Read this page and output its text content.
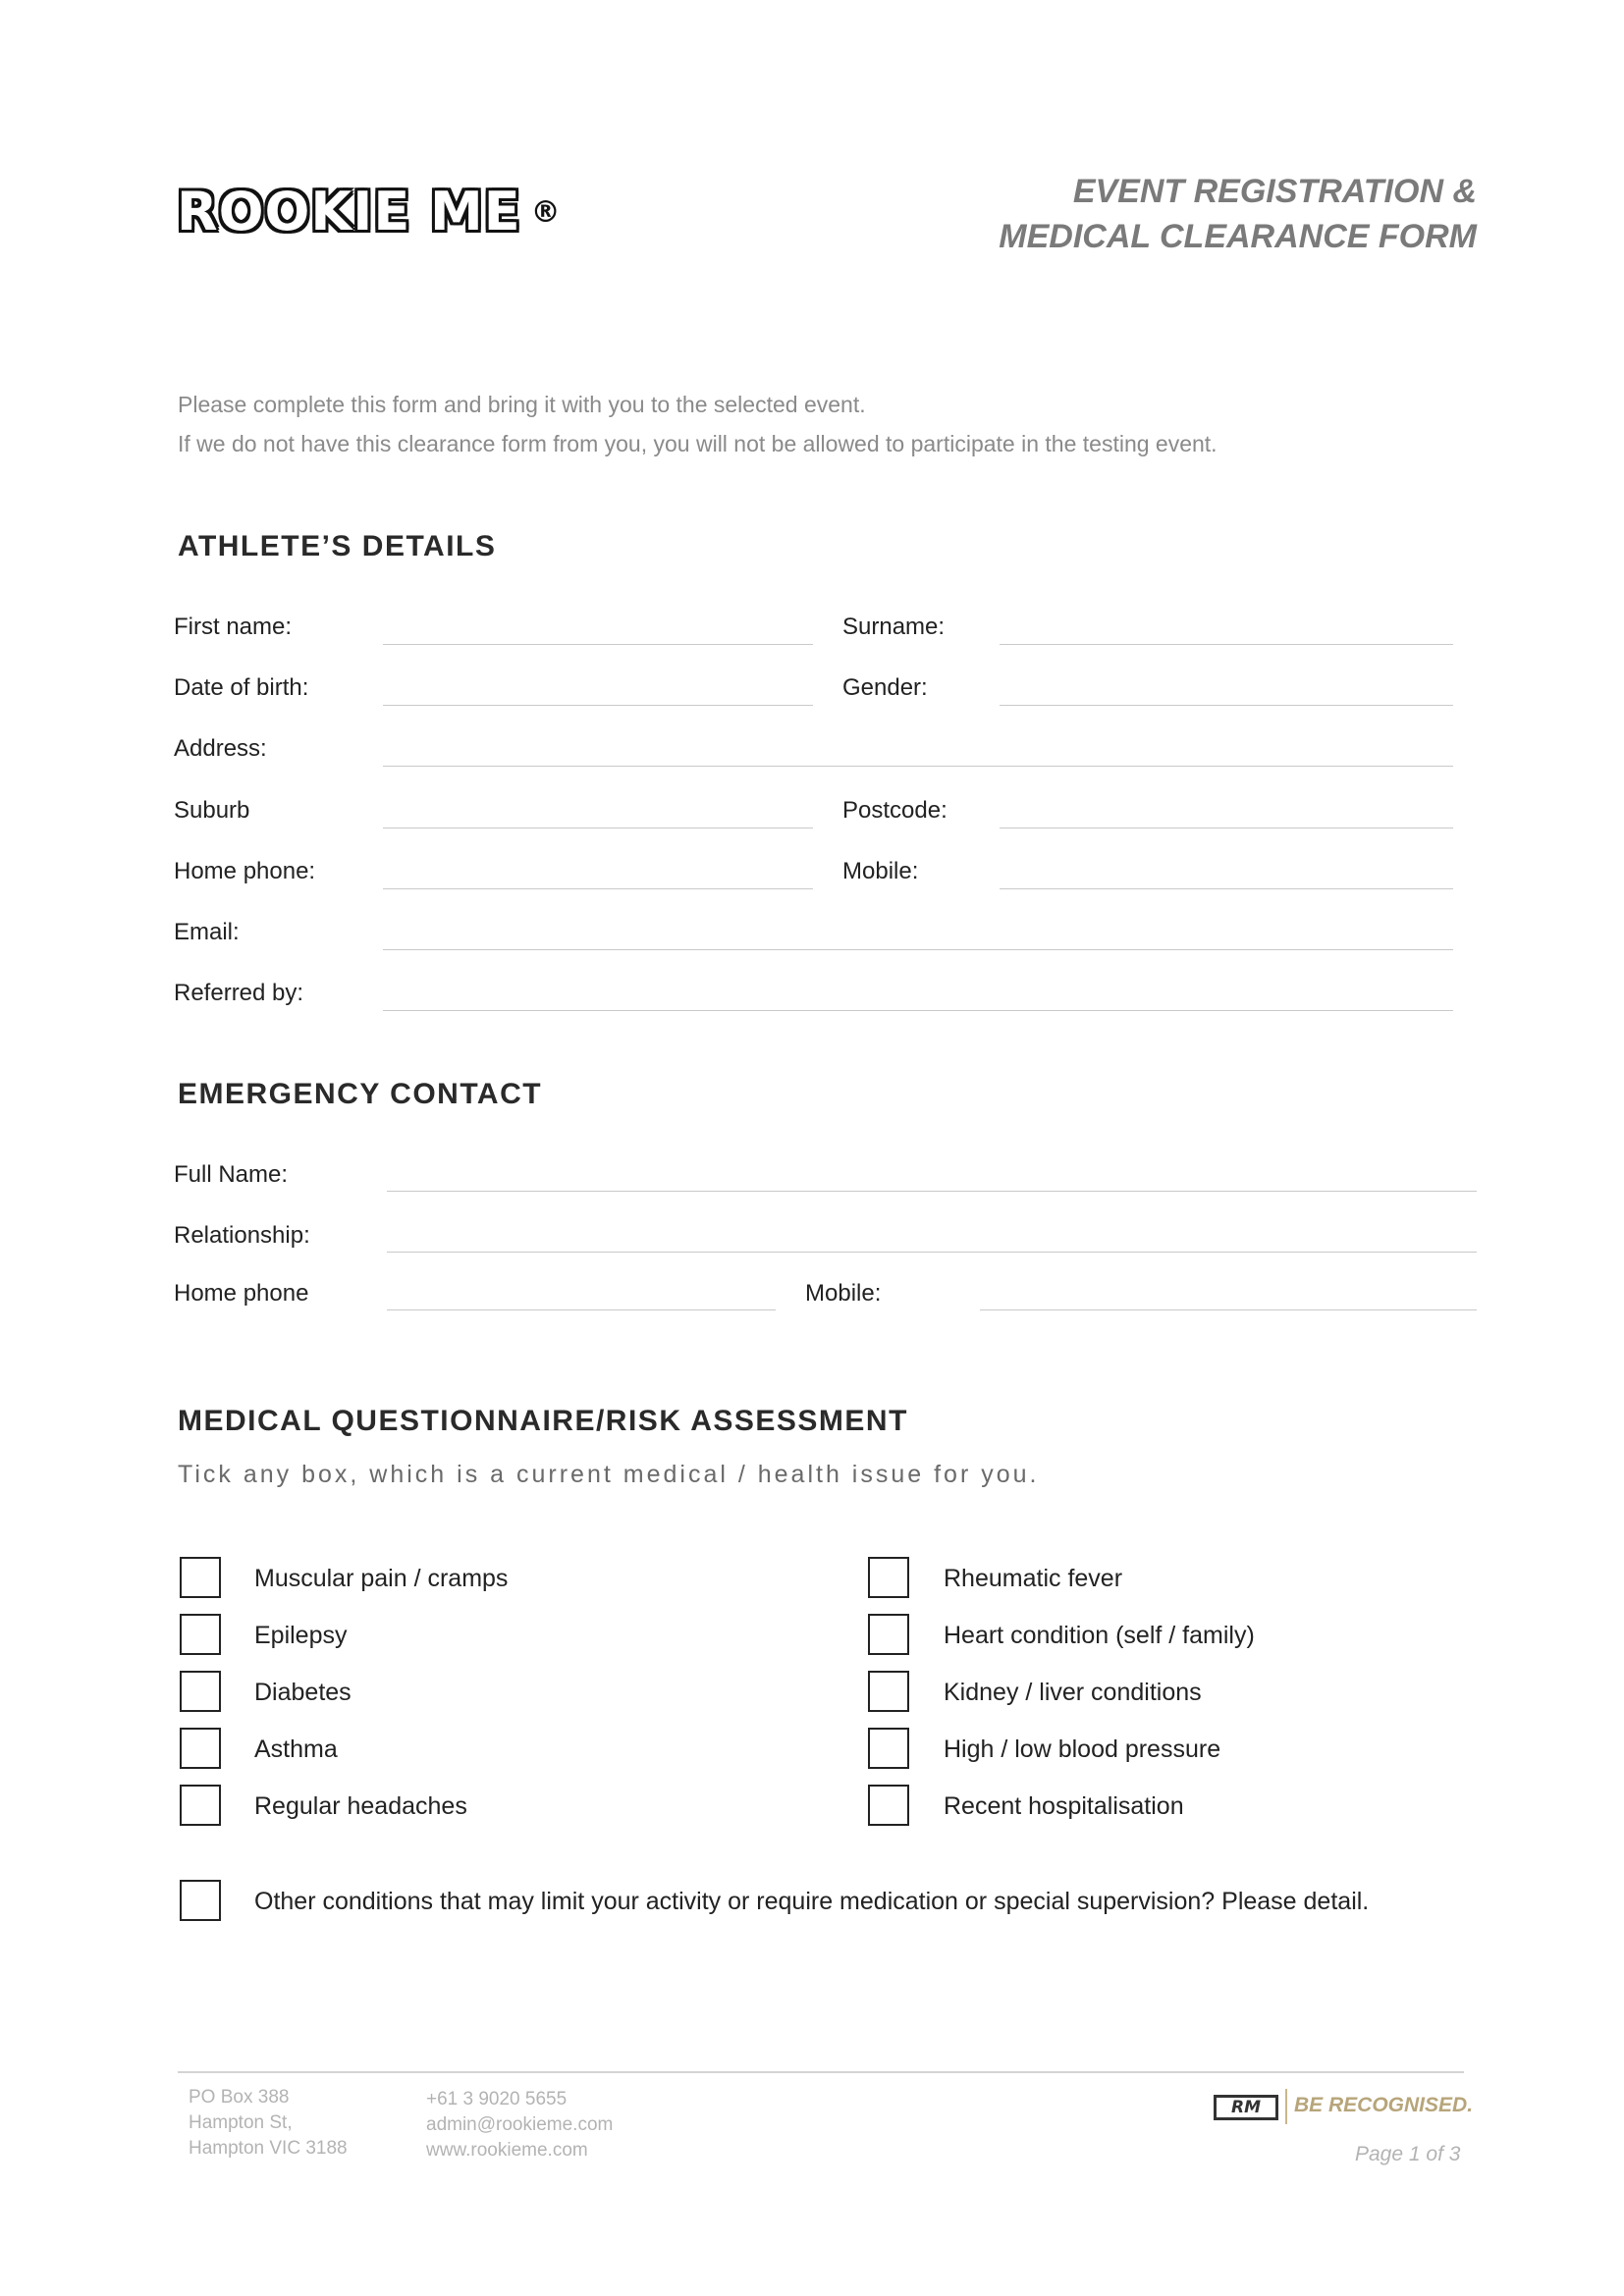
ROOKIE ME ®
EVENT REGISTRATION &
MEDICAL CLEARANCE FORM
Please complete this form and bring it with you to the selected event.
If we do not have this clearance form from you, you will not be allowed to participate in the testing event.
ATHLETE’S DETAILS
First name:	Surname:
Date of birth:	Gender:
Address:
Suburb	Postcode:
Home phone:	Mobile:
Email:
Referred by:
EMERGENCY CONTACT
Full Name:
Relationship:
Home phone	Mobile:
MEDICAL QUESTIONNAIRE/RISK ASSESSMENT
Tick any box, which is a current medical / health issue for you.
Muscular pain / cramps
Epilepsy
Diabetes
Asthma
Regular headaches
Rheumatic fever
Heart condition (self / family)
Kidney / liver conditions
High / low blood pressure
Recent hospitalisation
Other conditions that may limit your activity or require medication or special supervision? Please detail.
PO Box 388
Hampton St,
Hampton VIC 3188
+61 3 9020 5655
admin@rookieme.com
www.rookieme.com
RM	BE RECOGNISED.
Page 1 of 3
